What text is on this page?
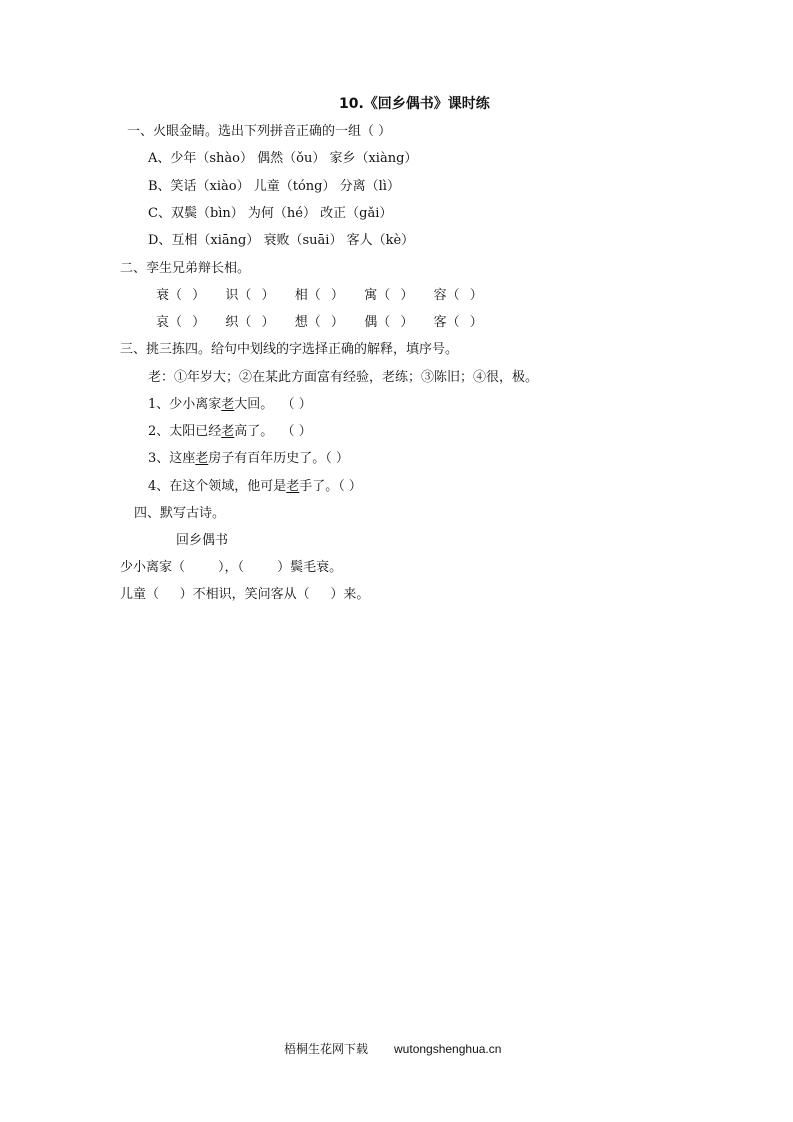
10.《回乡偶书》课时练
一、火眼金睛。选出下列拼音正确的一组（ ）
A、少年（shào） 偶然（ǒu） 家乡（xiàng）
B、笑话（xiào） 儿童（tóng） 分离（lì）
C、双鬓（bìn） 为何（hé） 改正（gǎi）
D、互相（xiāng） 衰败（suāi） 客人（kè）
二、孪生兄弟辩长相。
衰（ ）  识（ ）  相（ ）  寓（ ）  容（ ）
哀（ ）  织（ ）  想（ ）  偶（ ）  客（ ）
三、挑三拣四。给句中划线的字选择正确的解释，填序号。
老：①年岁大；②在某此方面富有经验，老练；③陈旧；④很，极。
1、少小离家老大回。  （ ）
2、太阳已经老高了。  （ ）
3、这座老房子有百年历史了。（ ）
4、在这个领域，他可是老手了。（ ）
四、默写古诗。
回乡偶书
少小离家（        ），（        ）鬓毛衰。
儿童（     ）不相识，笑问客从（     ）来。
梧桐生花网下载 wutongshenghua.cn
